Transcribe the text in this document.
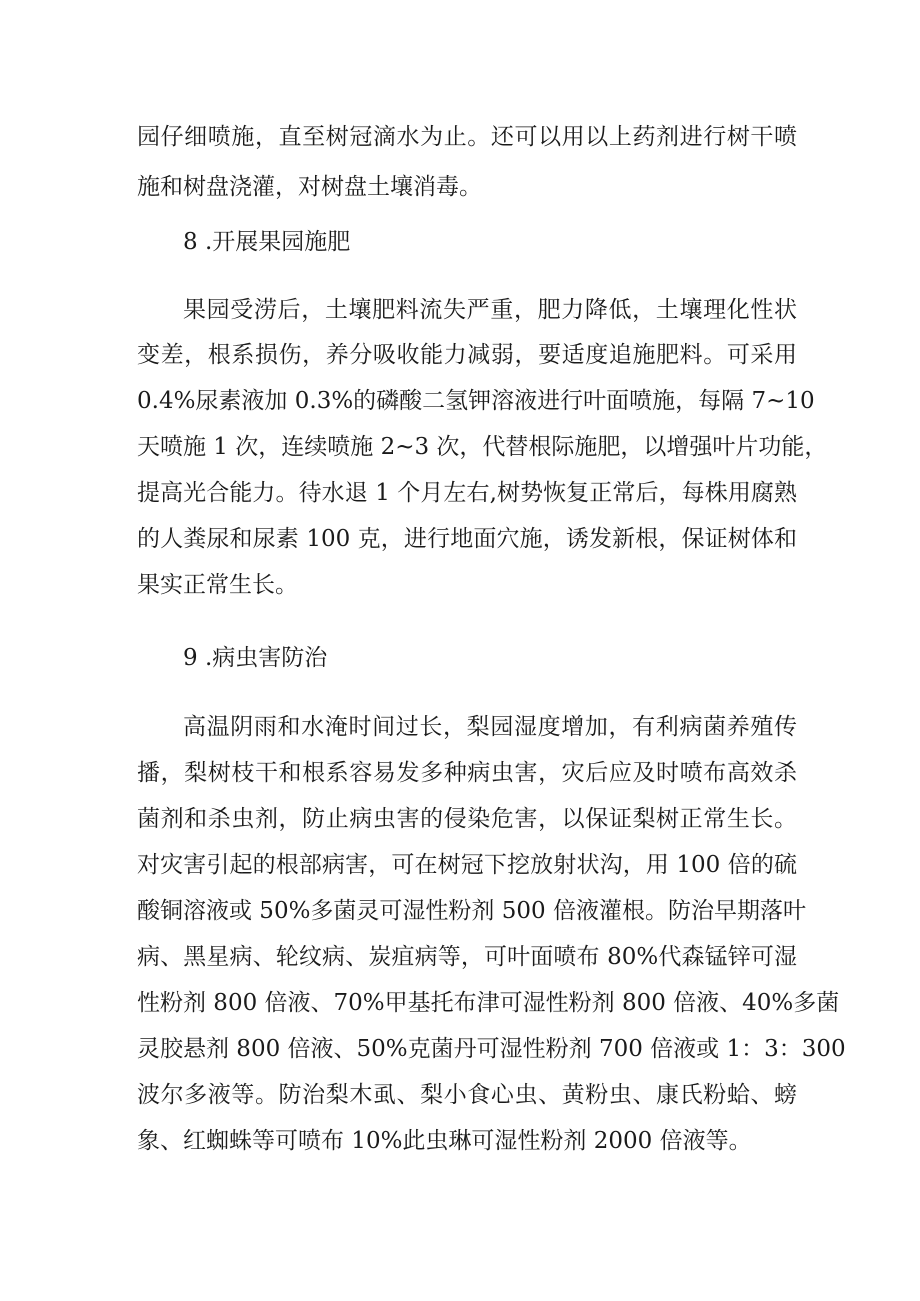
园仔细喷施，直至树冠滴水为止。还可以用以上药剂进行树干喷
施和树盘浇灌，对树盘土壤消毒。
8 .开展果园施肥
果园受涝后，土壤肥料流失严重，肥力降低，土壤理化性状
变差，根系损伤，养分吸收能力减弱，要适度追施肥料。可采用
0.4%尿素液加 0.3%的磷酸二氢钾溶液进行叶面喷施，每隔 7~10
天喷施 1 次，连续喷施 2~3 次，代替根际施肥，以增强叶片功能，
提高光合能力。待水退 1 个月左右,树势恢复正常后，每株用腐熟
的人粪尿和尿素 100 克，进行地面穴施，诱发新根，保证树体和
果实正常生长。
9 .病虫害防治
高温阴雨和水淹时间过长，梨园湿度增加，有利病菌养殖传
播，梨树枝干和根系容易发多种病虫害，灾后应及时喷布高效杀
菌剂和杀虫剂，防止病虫害的侵染危害，以保证梨树正常生长。
对灾害引起的根部病害，可在树冠下挖放射状沟，用 100 倍的硫
酸铜溶液或 50%多菌灵可湿性粉剂 500 倍液灌根。防治早期落叶
病、黑星病、轮纹病、炭疽病等，可叶面喷布 80%代森锰锌可湿
性粉剂 800 倍液、70%甲基托布津可湿性粉剂 800 倍液、40%多菌
灵胶悬剂 800 倍液、50%克菌丹可湿性粉剂 700 倍液或 1：3：300
波尔多液等。防治梨木虱、梨小食心虫、黄粉虫、康氏粉蛤、螃
象、红蜘蛛等可喷布 10%此虫琳可湿性粉剂 2000 倍液等。
